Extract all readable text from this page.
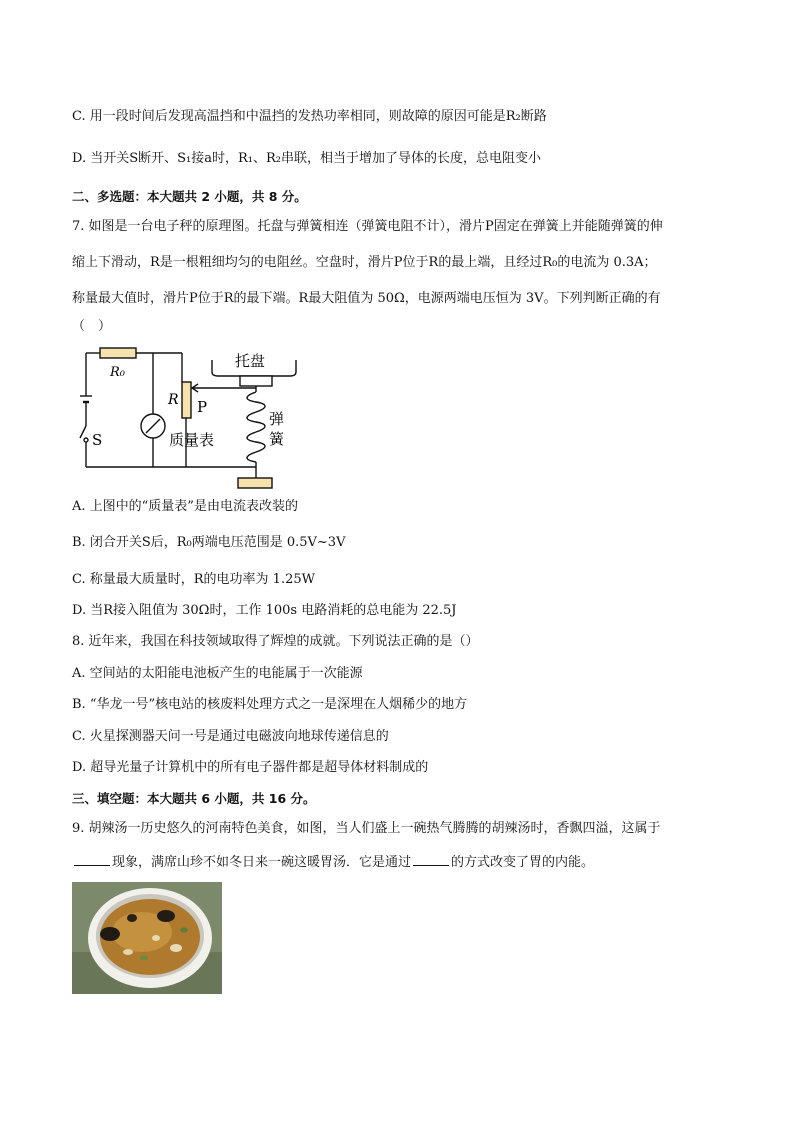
C. 用一段时间后发现高温挡和中温挡的发热功率相同，则故障的原因可能是R₂断路
D. 当开关S断开、S₁接a时，R₁、R₂串联，相当于增加了导体的长度，总电阻变小
二、多选题：本大题共 2 小题，共 8 分。
7. 如图是一台电子秤的原理图。托盘与弹簧相连（弹簧电阻不计），滑片P固定在弹簧上并能随弹簧的伸
缩上下滑动，R是一根粗细均匀的电阻丝。空盘时，滑片P位于R的最上端，且经过R₀的电流为 0.3A；
称量最大值时，滑片P位于R的最下端。R最大阻值为 50Ω，电源两端电压恒为 3V。下列判断正确的有
（　）
R₀
R P
S	质量表
托盘
弹
簧
A. 上图中的“质量表”是由电流表改装的
B. 闭合开关S后，R₀两端电压范围是 0.5V~3V
C. 称量最大质量时，R的电功率为 1.25W
D. 当R接入阻值为 30Ω时，工作 100s 电路消耗的总电能为 22.5J
8. 近年来，我国在科技领域取得了辉煌的成就。下列说法正确的是（）
A. 空间站的太阳能电池板产生的电能属于一次能源
B. “华龙一号”核电站的核废料处理方式之一是深埋在人烟稀少的地方
C. 火星探测器天问一号是通过电磁波向地球传递信息的
D. 超导光量子计算机中的所有电子器件都是超导体材料制成的
三、填空题：本大题共 6 小题，共 16 分。
9. 胡辣汤一历史悠久的河南特色美食，如图，当人们盛上一碗热气腾腾的胡辣汤时，香飘四溢，这属于
现象，满席山珍不如冬日来一碗这暖胃汤．它是通过	的方式改变了胃的内能。
